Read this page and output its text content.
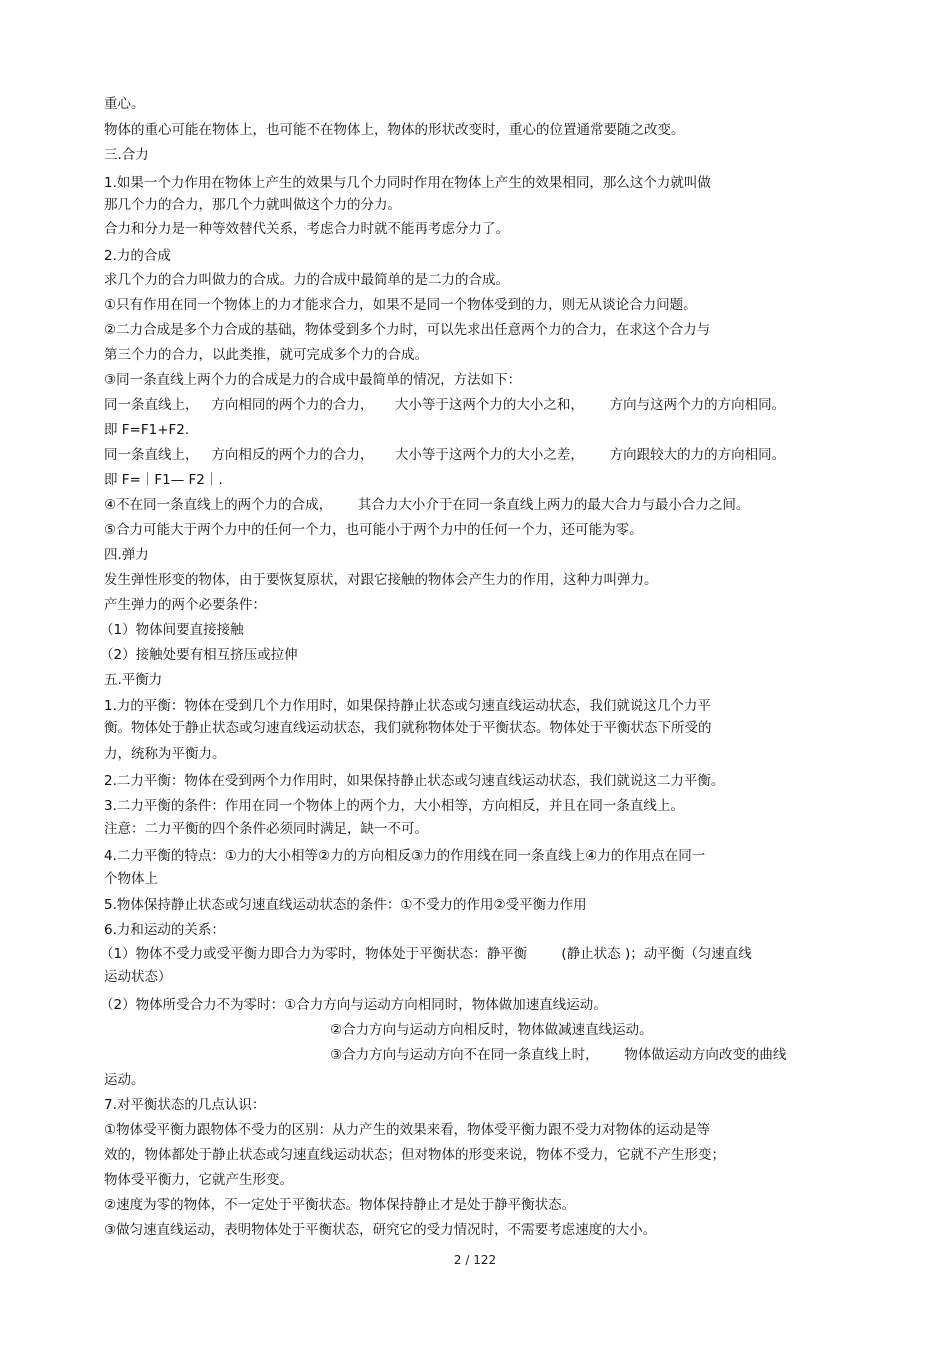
重心。

物体的重心可能在物体上，也可能不在物体上，物体的形状改变时，重心的位置通常要随之改变。

三.合力

1.如果一个力作用在物体上产生的效果与几个力同时作用在物体上产生的效果相同，那么这个力就叫做

那几个力的合力，那几个力就叫做这个力的分力。

合力和分力是一种等效替代关系，考虑合力时就不能再考虑分力了。

2.力的合成

求几个力的合力叫做力的合成。力的合成中最简单的是二力的合成。

①只有作用在同一个物体上的力才能求合力，如果不是同一个物体受到的力，则无从谈论合力问题。

②二力合成是多个力合成的基础，物体受到多个力时，可以先求出任意两个力的合力，在求这个合力与

第三个力的合力，以此类推，就可完成多个力的合成。

③同一条直线上两个力的合成是力的合成中最简单的情况，方法如下：

同一条直线上，   方向相同的两个力的合力，     大小等于这两个力的大小之和，      方向与这两个力的方向相同。

即 F=F1+F2.

同一条直线上，   方向相反的两个力的合力，     大小等于这两个力的大小之差，      方向跟较大的力的方向相同。

即 F=｜F1— F2｜.

④不在同一条直线上的两个力的合成，      其合力大小介于在同一条直线上两力的最大合力与最小合力之间。

⑤合力可能大于两个力中的任何一个力，也可能小于两个力中的任何一个力，还可能为零。

四.弹力

发生弹性形变的物体，由于要恢复原状，对跟它接触的物体会产生力的作用，这种力叫弹力。

产生弹力的两个必要条件：

（1）物体间要直接接触

（2）接触处要有相互挤压或拉伸

五.平衡力

1.力的平衡：物体在受到几个力作用时，如果保持静止状态或匀速直线运动状态，我们就说这几个力平

衡。物体处于静止状态或匀速直线运动状态，我们就称物体处于平衡状态。物体处于平衡状态下所受的

力，统称为平衡力。

2.二力平衡：物体在受到两个力作用时，如果保持静止状态或匀速直线运动状态，我们就说这二力平衡。

3.二力平衡的条件：作用在同一个物体上的两个力，大小相等，方向相反，并且在同一条直线上。

注意：二力平衡的四个条件必须同时满足，缺一不可。

4.二力平衡的特点：①力的大小相等②力的方向相反③力的作用线在同一条直线上④力的作用点在同一

个物体上

5.物体保持静止状态或匀速直线运动状态的条件：①不受力的作用②受平衡力作用

6.力和运动的关系：

（1）物体不受力或受平衡力即合力为零时，物体处于平衡状态：静平衡        (静止状态 )；动平衡（匀速直线

运动状态）

（2）物体所受合力不为零时：①合力方向与运动方向相同时，物体做加速直线运动。

②合力方向与运动方向相反时，物体做减速直线运动。

③合力方向与运动方向不在同一条直线上时，      物体做运动方向改变的曲线

运动。

7.对平衡状态的几点认识：

①物体受平衡力跟物体不受力的区别：从力产生的效果来看，物体受平衡力跟不受力对物体的运动是等

效的，物体都处于静止状态或匀速直线运动状态；但对物体的形变来说，物体不受力，它就不产生形变；

物体受平衡力，它就产生形变。

②速度为零的物体，不一定处于平衡状态。物体保持静止才是处于静平衡状态。

③做匀速直线运动，表明物体处于平衡状态，研究它的受力情况时，不需要考虑速度的大小。

2 / 122
